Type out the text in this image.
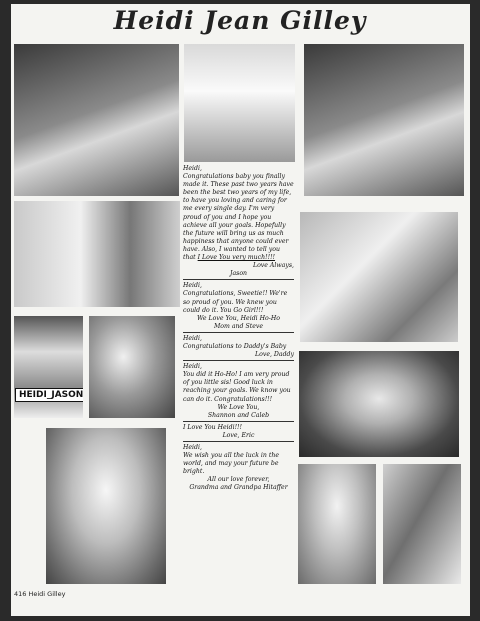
Heidi Jean Gilley
HEIDI_JASON

Heidi,

Congratulations baby you finally made it. These past two years have been the best two years of my life, to have you loving and caring for me every single day. I'm very proud of you and I hope you achieve all your goals. Hopefully the future will bring us as much happiness that anyone could ever have. Also, I wanted to tell you that I Love You very much!!!!

Love Always,

Jason

Heidi,

Congratulations, Sweetie!! We're so proud of you. We knew you could do it. You Go Girl!!!

We Love You, Heidi Ho-Ho

Mom and Steve

Heidi,

Congratulations to Daddy's Baby

Love, Daddy

Heidi,

You did it Ho-Ho! I am very proud of you little sis! Good luck in reaching your goals. We know you can do it. Congratulations!!!

We Love You,

Shannon and Caleb

I Love You Heidi!!!

Love, Eric

Heidi,

We wish you all the luck in the world, and may your future be bright.

All our love forever,

Grandma and Grandpa Hitaffer

416 Heidi Gilley
